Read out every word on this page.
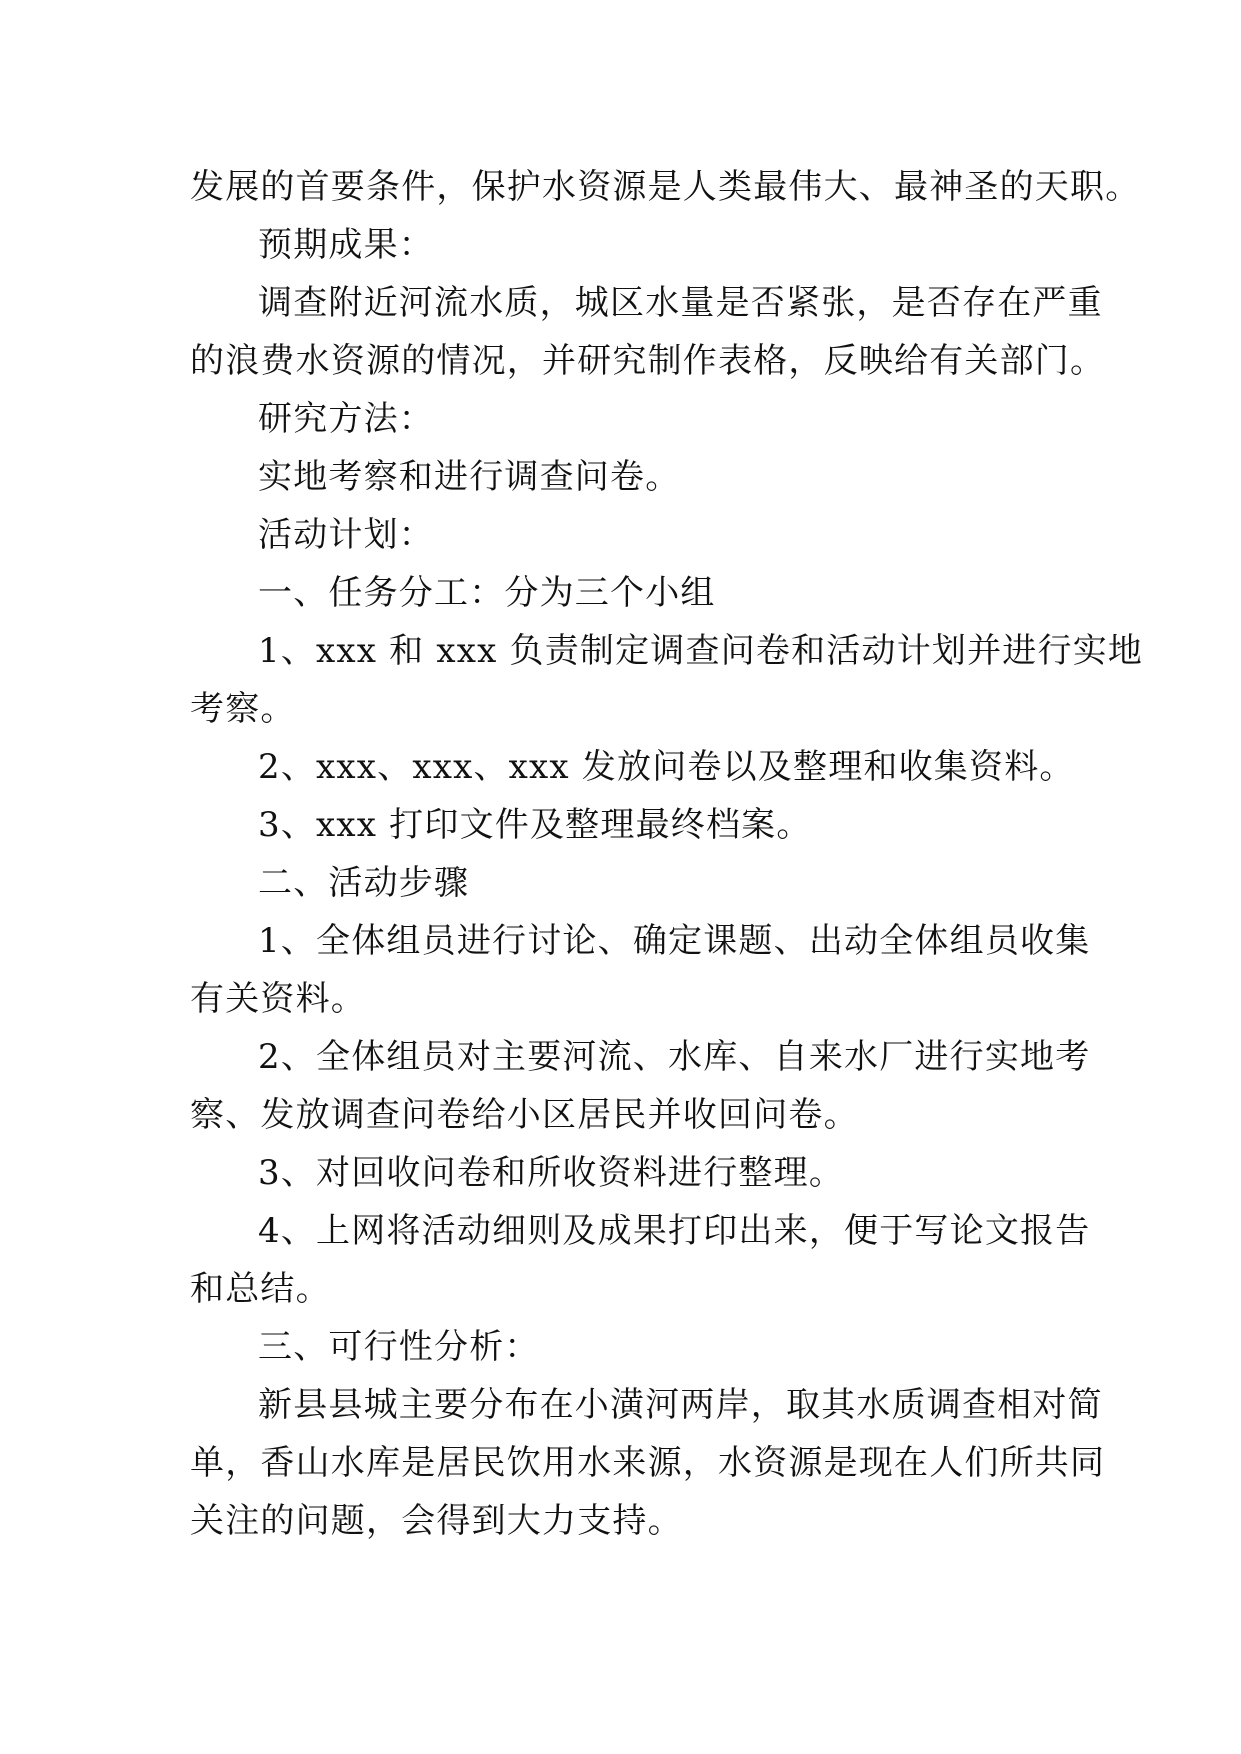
发展的首要条件，保护水资源是人类最伟大、最神圣的天职。
预期成果：
调查附近河流水质，城区水量是否紧张，是否存在严重
的浪费水资源的情况，并研究制作表格，反映给有关部门。
研究方法：
实地考察和进行调查问卷。
活动计划：
一、任务分工：分为三个小组
1、xxx 和 xxx 负责制定调查问卷和活动计划并进行实地
考察。
2、xxx、xxx、xxx 发放问卷以及整理和收集资料。
3、xxx 打印文件及整理最终档案。
二、活动步骤
1、全体组员进行讨论、确定课题、出动全体组员收集
有关资料。
2、全体组员对主要河流、水库、自来水厂进行实地考
察、发放调查问卷给小区居民并收回问卷。
3、对回收问卷和所收资料进行整理。
4、上网将活动细则及成果打印出来，便于写论文报告
和总结。
三、可行性分析：
新县县城主要分布在小潢河两岸，取其水质调查相对简
单，香山水库是居民饮用水来源，水资源是现在人们所共同
关注的问题，会得到大力支持。
